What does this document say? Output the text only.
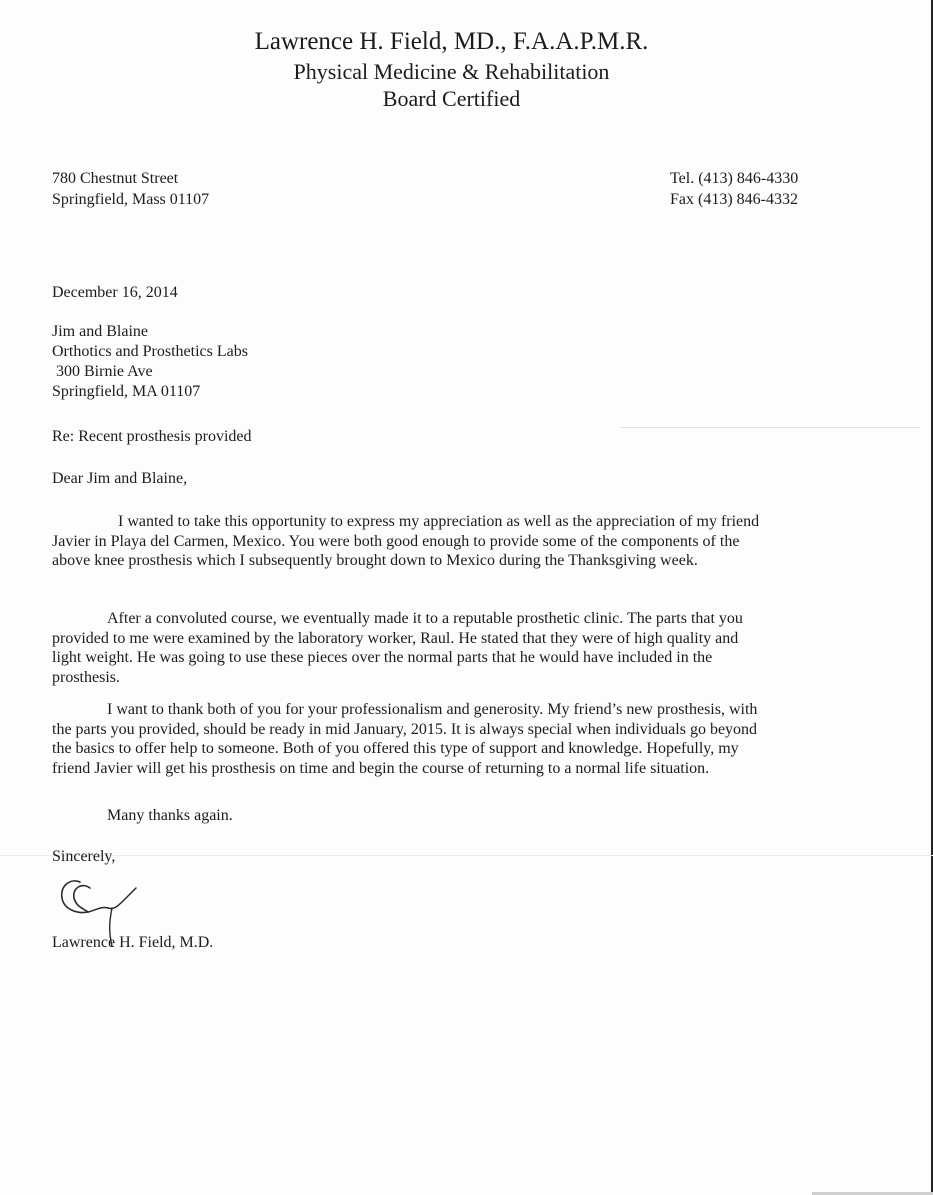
Lawrence H. Field, MD., F.A.A.P.M.R.
Physical Medicine & Rehabilitation
Board Certified
780 Chestnut Street
Springfield, Mass 01107
Tel. (413) 846-4330
Fax (413) 846-4332
December 16, 2014
Jim and Blaine
Orthotics and Prosthetics Labs
300 Birnie Ave
Springfield, MA 01107
Re: Recent prosthesis provided
Dear Jim and Blaine,
I wanted to take this opportunity to express my appreciation as well as the appreciation of my friend
Javier in Playa del Carmen, Mexico. You were both good enough to provide some of the components of the
above knee prosthesis which I subsequently brought down to Mexico during the Thanksgiving week.
After a convoluted course, we eventually made it to a reputable prosthetic clinic. The parts that you
provided to me were examined by the laboratory worker, Raul. He stated that they were of high quality and
light weight. He was going to use these pieces over the normal parts that he would have included in the
prosthesis.
I want to thank both of you for your professionalism and generosity. My friend’s new prosthesis, with
the parts you provided, should be ready in mid January, 2015. It is always special when individuals go beyond
the basics to offer help to someone. Both of you offered this type of support and knowledge. Hopefully, my
friend Javier will get his prosthesis on time and begin the course of returning to a normal life situation.
Many thanks again.
Sincerely,
Lawrence H. Field, M.D.
